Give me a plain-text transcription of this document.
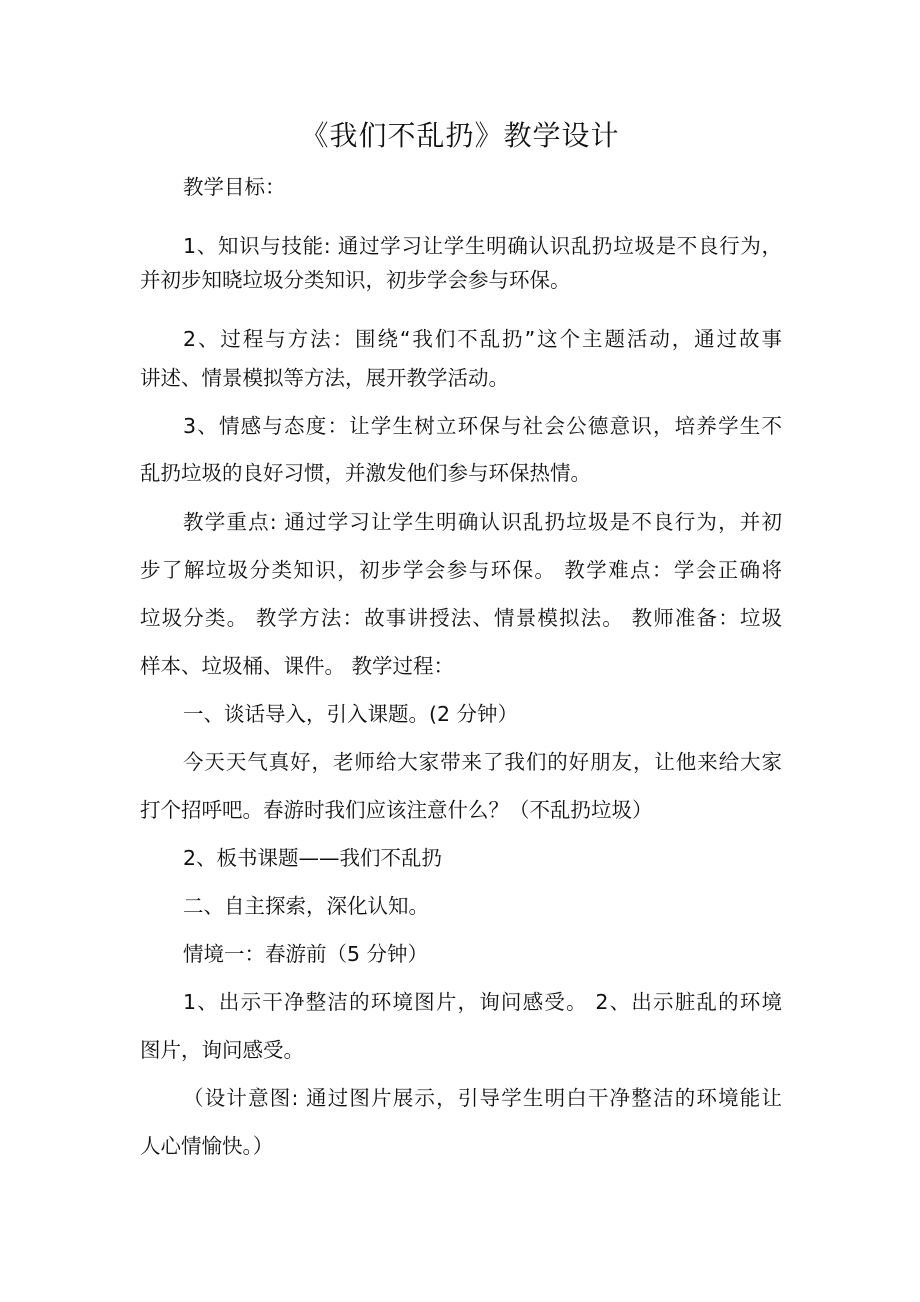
《我们不乱扔》教学设计
教学目标：
1、知识与技能: 通过学习让学生明确认识乱扔垃圾是不良行为，
并初步知晓垃圾分类知识，初步学会参与环保。
2、过程与方法：围绕“我们不乱扔”这个主题活动，通过故事
讲述、情景模拟等方法，展开教学活动。
3、情感与态度：让学生树立环保与社会公德意识，培养学生不
乱扔垃圾的良好习惯，并激发他们参与环保热情。
教学重点: 通过学习让学生明确认识乱扔垃圾是不良行为，并初
步了解垃圾分类知识，初步学会参与环保。 教学难点：学会正确将
垃圾分类。 教学方法：故事讲授法、情景模拟法。 教师准备：垃圾
样本、垃圾桶、课件。 教学过程：
一、谈话导入，引入课题。(2 分钟）
今天天气真好，老师给大家带来了我们的好朋友，让他来给大家
打个招呼吧。春游时我们应该注意什么？（不乱扔垃圾）
2、板书课题——我们不乱扔
二、自主探索，深化认知。
情境一：春游前（5 分钟）
1、出示干净整洁的环境图片，询问感受。 2、出示脏乱的环境
图片，询问感受。
（设计意图: 通过图片展示，引导学生明白干净整洁的环境能让
人心情愉快。）
